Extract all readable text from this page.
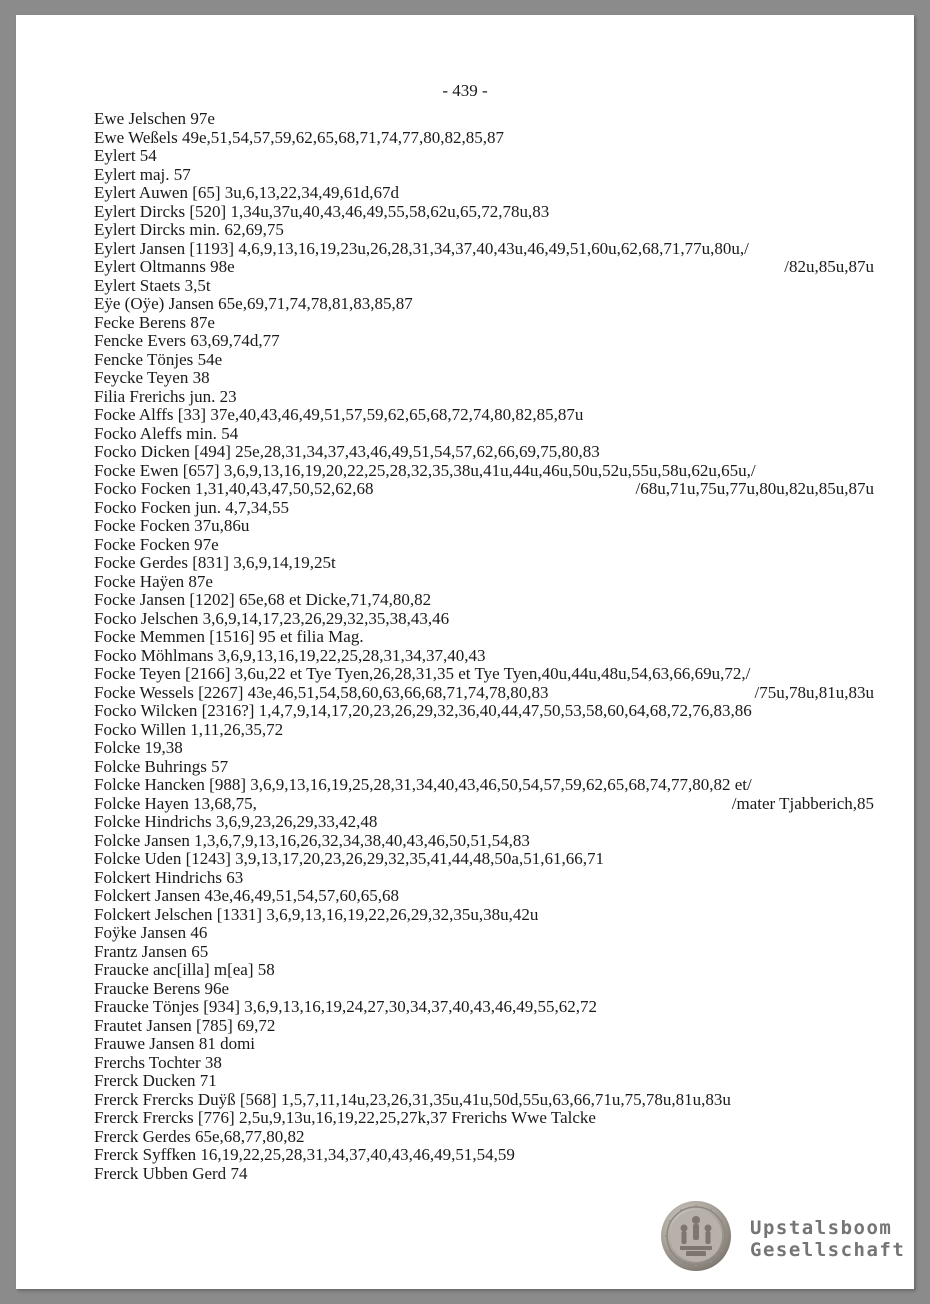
- 439 -
Ewe Jelschen 97e
Ewe Weßels 49e,51,54,57,59,62,65,68,71,74,77,80,82,85,87
Eylert 54
Eylert maj. 57
Eylert Auwen [65] 3u,6,13,22,34,49,61d,67d
Eylert Dircks [520] 1,34u,37u,40,43,46,49,55,58,62u,65,72,78u,83
Eylert Dircks min. 62,69,75
Eylert Jansen [1193] 4,6,9,13,16,19,23u,26,28,31,34,37,40,43u,46,49,51,60u,62,68,71,77u,80u,/
Eylert Oltmanns 98e	/82u,85u,87u
Eylert Staets 3,5t
Eÿe (Oÿe) Jansen 65e,69,71,74,78,81,83,85,87
Fecke Berens 87e
Fencke Evers 63,69,74d,77
Fencke Tönjes 54e
Feycke Teyen 38
Filia Frerichs jun. 23
Focke Alffs [33] 37e,40,43,46,49,51,57,59,62,65,68,72,74,80,82,85,87u
Focko Aleffs min. 54
Focko Dicken [494] 25e,28,31,34,37,43,46,49,51,54,57,62,66,69,75,80,83
Focke Ewen [657] 3,6,9,13,16,19,20,22,25,28,32,35,38u,41u,44u,46u,50u,52u,55u,58u,62u,65u,/
Focko Focken 1,31,40,43,47,50,52,62,68	/68u,71u,75u,77u,80u,82u,85u,87u
Focko Focken jun. 4,7,34,55
Focke Focken 37u,86u
Focke Focken 97e
Focke Gerdes [831] 3,6,9,14,19,25t
Focke Haÿen 87e
Focke Jansen [1202] 65e,68 et Dicke,71,74,80,82
Focko Jelschen 3,6,9,14,17,23,26,29,32,35,38,43,46
Focke Memmen [1516] 95 et filia Mag.
Focko Möhlmans 3,6,9,13,16,19,22,25,28,31,34,37,40,43
Focke Teyen [2166] 3,6u,22 et Tye Tyen,26,28,31,35 et Tye Tyen,40u,44u,48u,54,63,66,69u,72,/
Focke Wessels [2267] 43e,46,51,54,58,60,63,66,68,71,74,78,80,83	/75u,78u,81u,83u
Focko Wilcken [2316?] 1,4,7,9,14,17,20,23,26,29,32,36,40,44,47,50,53,58,60,64,68,72,76,83,86
Focko Willen 1,11,26,35,72
Folcke 19,38
Folcke Buhrings 57
Folcke Hancken [988] 3,6,9,13,16,19,25,28,31,34,40,43,46,50,54,57,59,62,65,68,74,77,80,82 et/
Folcke Hayen 13,68,75,	/mater Tjabberich,85
Folcke Hindrichs 3,6,9,23,26,29,33,42,48
Folcke Jansen 1,3,6,7,9,13,16,26,32,34,38,40,43,46,50,51,54,83
Folcke Uden [1243] 3,9,13,17,20,23,26,29,32,35,41,44,48,50a,51,61,66,71
Folckert Hindrichs 63
Folckert Jansen 43e,46,49,51,54,57,60,65,68
Folckert Jelschen [1331] 3,6,9,13,16,19,22,26,29,32,35u,38u,42u
Foÿke Jansen 46
Frantz Jansen 65
Fraucke anc[illa] m[ea] 58
Fraucke Berens 96e
Fraucke Tönjes [934] 3,6,9,13,16,19,24,27,30,34,37,40,43,46,49,55,62,72
Frautet Jansen [785] 69,72
Frauwe Jansen 81 domi
Frerchs Tochter 38
Frerck Ducken 71
Frerck Frercks Duÿß [568] 1,5,7,11,14u,23,26,31,35u,41u,50d,55u,63,66,71u,75,78u,81u,83u
Frerck Frercks [776] 2,5u,9,13u,16,19,22,25,27k,37 Frerichs Wwe Talcke
Frerck Gerdes 65e,68,77,80,82
Frerck Syffken 16,19,22,25,28,31,34,37,40,43,46,49,51,54,59
Frerck Ubben Gerd 74
Upstalsboom
Gesellschaft
